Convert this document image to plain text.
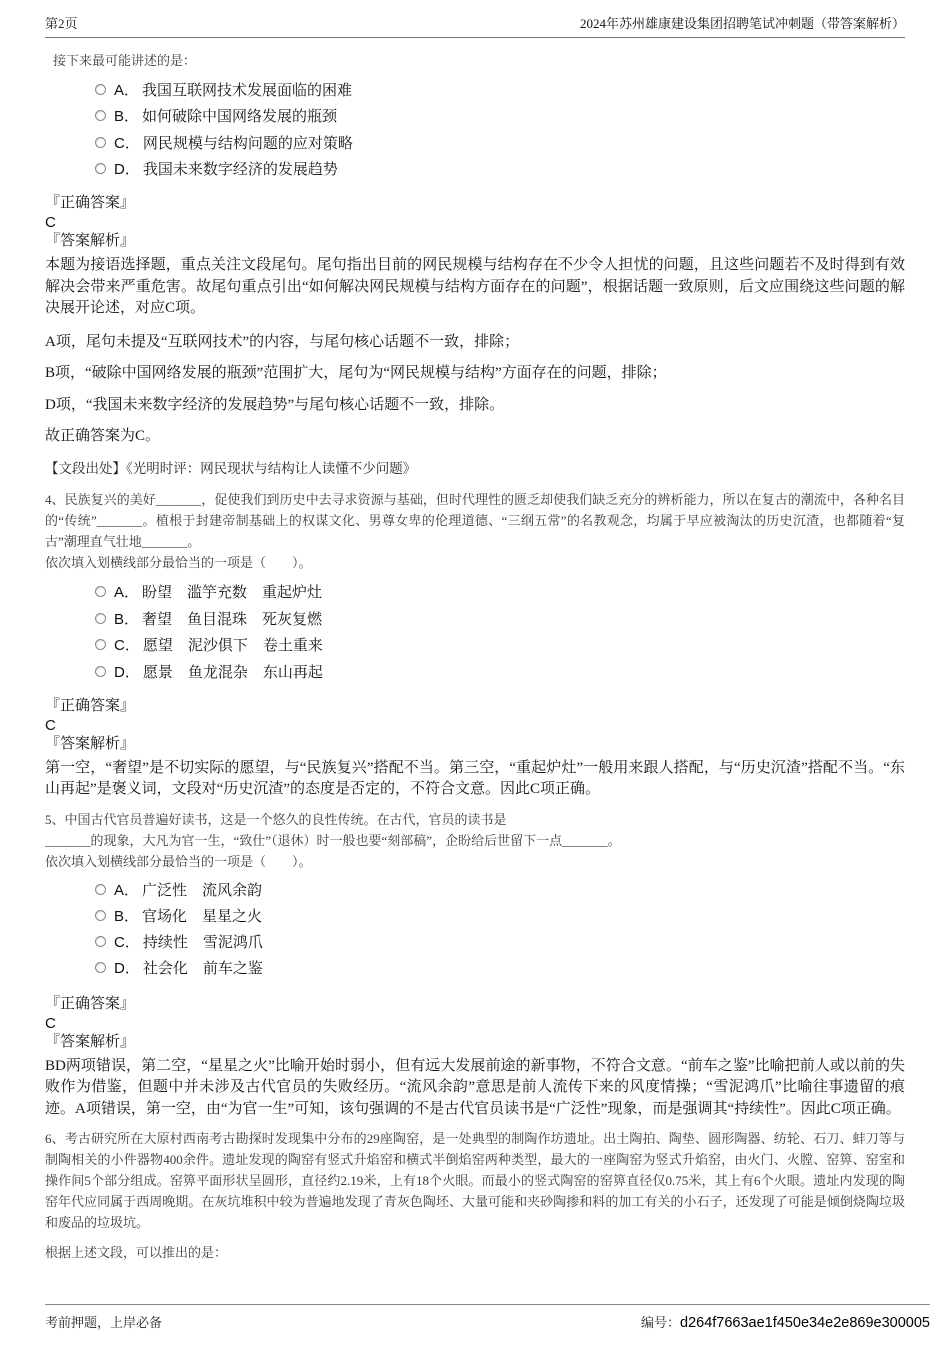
第2页	2024年苏州雄康建设集团招聘笔试冲刺题（带答案解析）
接下来最可能讲述的是：
A． 我国互联网技术发展面临的困难
B． 如何破除中国网络发展的瓶颈
C． 网民规模与结构问题的应对策略
D． 我国未来数字经济的发展趋势
『正确答案』
C
『答案解析』

本题为接语选择题，重点关注文段尾句。尾句指出目前的网民规模与结构存在不少令人担忧的问题，且这些问题若不及时得到有效解决会带来严重危害。故尾句重点引出“如何解决网民规模与结构方面存在的问题”，根据话题一致原则，后文应围绕这些问题的解决展开论述，对应C项。

A项，尾句未提及“互联网技术”的内容，与尾句核心话题不一致，排除；

B项，“破除中国网络发展的瓶颈”范围扩大，尾句为“网民规模与结构”方面存在的问题，排除；

D项，“我国未来数字经济的发展趋势”与尾句核心话题不一致，排除。

故正确答案为C。

【文段出处】《光明时评：网民现状与结构让人读懂不少问题》

4、民族复兴的美好_______，促使我们到历史中去寻求资源与基础，但时代理性的匮乏却使我们缺乏充分的辨析能力，所以在复古的潮流中，各种名目的“传统”_______。植根于封建帝制基础上的权谋文化、男尊女卑的伦理道德、“三纲五常”的名教观念，均属于早应被淘汰的历史沉渣，也都随着“复古”潮理直气壮地_______。

依次填入划横线部分最恰当的一项是（　　）。

A． 盼望　滥竽充数　重起炉灶
B． 奢望　鱼目混珠　死灰复燃
C． 愿望　泥沙俱下　卷土重来
D． 愿景　鱼龙混杂　东山再起
『正确答案』
C
『答案解析』

第一空，“奢望”是不切实际的愿望，与“民族复兴”搭配不当。第三空，“重起炉灶”一般用来跟人搭配，与“历史沉渣”搭配不当。“东山再起”是褒义词，文段对“历史沉渣”的态度是否定的，不符合文意。因此C项正确。

5、中国古代官员普遍好读书，这是一个悠久的良性传统。在古代，官员的读书是

_______的现象，大凡为官一生，“致仕”（退休）时一般也要“刻部稿”，企盼给后世留下一点_______。

依次填入划横线部分最恰当的一项是（　　）。

A． 广泛性　流风余韵
B． 官场化　星星之火
C． 持续性　雪泥鸿爪
D． 社会化　前车之鉴
『正确答案』
C
『答案解析』

BD两项错误，第二空，“星星之火”比喻开始时弱小，但有远大发展前途的新事物，不符合文意。“前车之鉴”比喻把前人或以前的失败作为借鉴，但题中并未涉及古代官员的失败经历。“流风余韵”意思是前人流传下来的风度情操；“雪泥鸿爪”比喻往事遗留的痕迹。A项错误，第一空，由“为官一生”可知，该句强调的不是古代官员读书是“广泛性”现象，而是强调其“持续性”。因此C项正确。

6、考古研究所在大原村西南考古勘探时发现集中分布的29座陶窑，是一处典型的制陶作坊遗址。出土陶拍、陶垫、圆形陶器、纺轮、石刀、蚌刀等与制陶相关的小件器物400余件。遗址发现的陶窑有竖式升焰窑和横式半倒焰窑两种类型，最大的一座陶窑为竖式升焰窑，由火门、火膛、窑箅、窑室和操作间5个部分组成。窑箅平面形状呈圆形，直径约2.19米，上有18个火眼。而最小的竖式陶窑的窑箅直径仅0.75米，其上有6个火眼。遗址内发现的陶窑年代应同属于西周晚期。在灰坑堆积中较为普遍地发现了青灰色陶坯、大量可能和夹砂陶掺和料的加工有关的小石子，还发现了可能是倾倒烧陶垃圾和废品的垃圾坑。

根据上述文段，可以推出的是：

考前押题，上岸必备	编号：d264f7663ae1f450e34e2e869e300005
